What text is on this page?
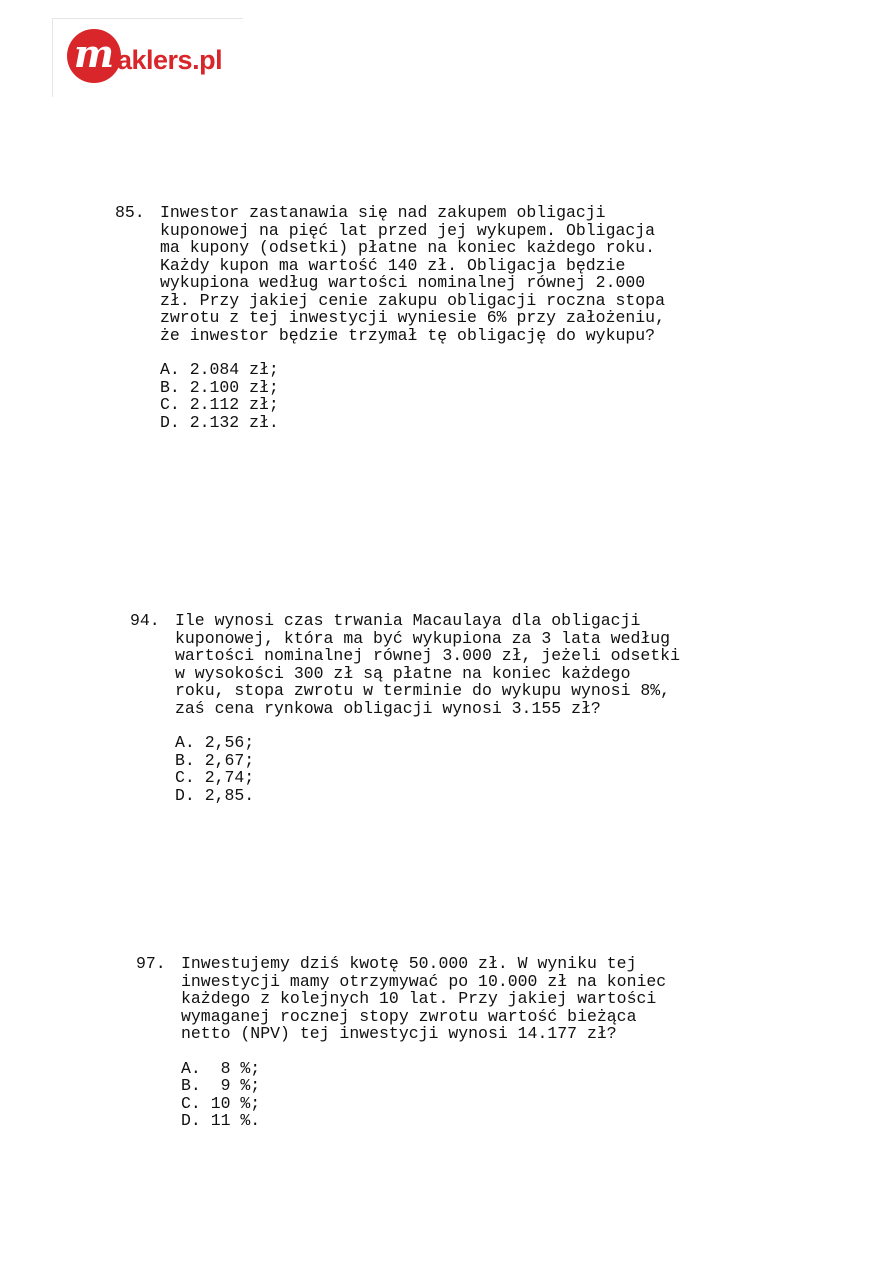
m aklers.pl
85. Inwestor zastanawia się nad zakupem obligacji
kuponowej na pięć lat przed jej wykupem. Obligacja
ma kupony (odsetki) płatne na koniec każdego roku.
Każdy kupon ma wartość 140 zł. Obligacja będzie
wykupiona według wartości nominalnej równej 2.000
zł. Przy jakiej cenie zakupu obligacji roczna stopa
zwrotu z tej inwestycji wyniesie 6% przy założeniu,
że inwestor będzie trzymał tę obligację do wykupu?
A. 2.084 zł;
B. 2.100 zł;
C. 2.112 zł;
D. 2.132 zł.
94. Ile wynosi czas trwania Macaulaya dla obligacji
kuponowej, która ma być wykupiona za 3 lata według
wartości nominalnej równej 3.000 zł, jeżeli odsetki
w wysokości 300 zł są płatne na koniec każdego
roku, stopa zwrotu w terminie do wykupu wynosi 8%,
zaś cena rynkowa obligacji wynosi 3.155 zł?
A. 2,56;
B. 2,67;
C. 2,74;
D. 2,85.
97. Inwestujemy dziś kwotę 50.000 zł. W wyniku tej
inwestycji mamy otrzymywać po 10.000 zł na koniec
każdego z kolejnych 10 lat. Przy jakiej wartości
wymaganej rocznej stopy zwrotu wartość bieżąca
netto (NPV) tej inwestycji wynosi 14.177 zł?
A.  8 %;
B.  9 %;
C. 10 %;
D. 11 %.
